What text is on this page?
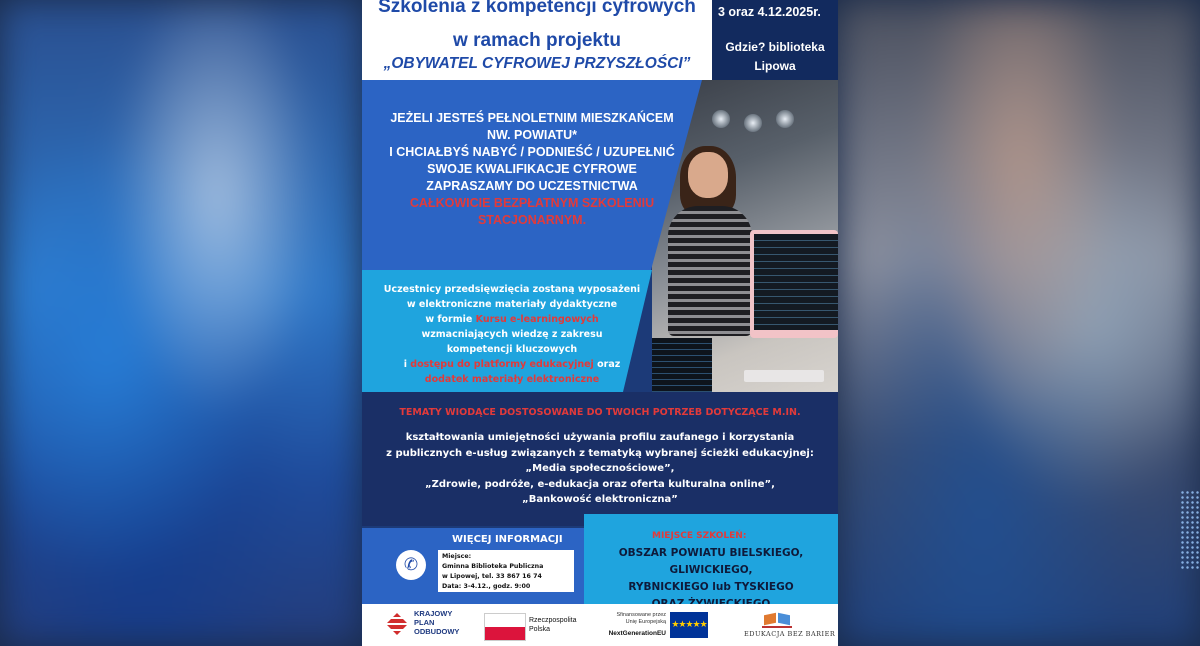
Szkolenia z kompetencji cyfrowych
w ramach projektu
„OBYWATEL CYFROWEJ PRZYSZŁOŚCI”
3 oraz 4.12.2025r.
Gdzie? biblioteka
Lipowa
JEŻELI JESTEŚ PEŁNOLETNIM MIESZKAŃCEM
NW. POWIATU*
I CHCIAŁBYŚ NABYĆ / PODNIEŚĆ / UZUPEŁNIĆ
SWOJE KWALIFIKACJE CYFROWE
ZAPRASZAMY DO UCZESTNICTWA
CAŁKOWICIE BEZPŁATNYM SZKOLENIU
STACJONARNYM.
Uczestnicy przedsięwzięcia zostaną wyposażeni
w elektroniczne materiały dydaktyczne
w formie Kursu e-learningowych
wzmacniających wiedzę z zakresu
kompetencji kluczowych
i dostępu do platformy edukacyjnej oraz
dodatek materiały elektroniczne
TEMATY WIODĄCE DOSTOSOWANE DO TWOICH POTRZEB DOTYCZĄCE M.IN.
kształtowania umiejętności używania profilu zaufanego i korzystania
z publicznych e-usług związanych z tematyką wybranej ścieżki edukacyjnej:
„Media społecznościowe”,
„Zdrowie, podróże, e-edukacja oraz oferta kulturalna online”,
„Bankowość elektroniczna”
MIEJSCE SZKOLEŃ:
OBSZAR POWIATU BIELSKIEGO,
GLIWICKIEGO,
RYBNICKIEGO lub TYSKIEGO
WIĘCEJ INFORMACJI
✆	Miejsce:
Gminna Biblioteka Publiczna
w Lipowej, tel. 33 867 16 74
Data: 3-4.12., godz. 9:00
KRAJOWY
PLAN
ODBUDOWY
Rzeczpospolita
Polska
Sfinansowane przez
Unię Europejską
NextGenerationEU
★★★★★
EDUKACJA BEZ BARIER
